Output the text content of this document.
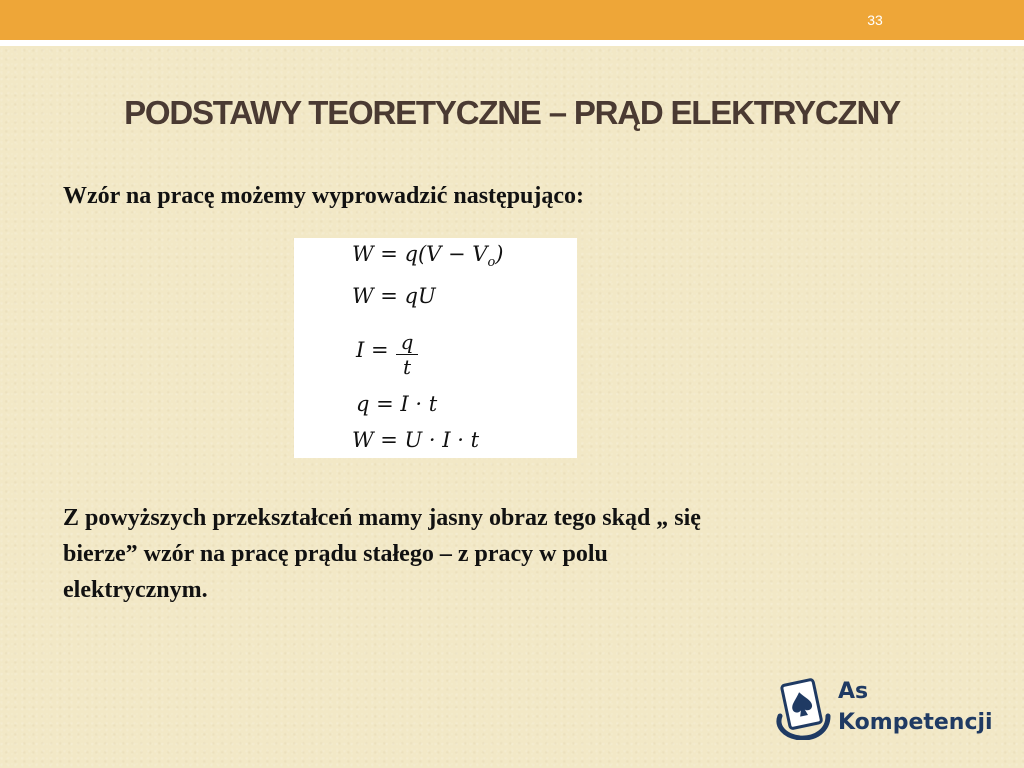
33
PODSTAWY TEORETYCZNE – PRĄD ELEKTRYCZNY
Wzór na pracę możemy wyprowadzić następująco:
$W = q(V - V_o)$
W = qU
I = q
t
q = I · t
W = U · I · t
Z powyższych przekształceń mamy jasny obraz tego skąd „ się
bierze” wzór na pracę prądu stałego – z pracy w polu
elektrycznym.
As
Kompetencji
